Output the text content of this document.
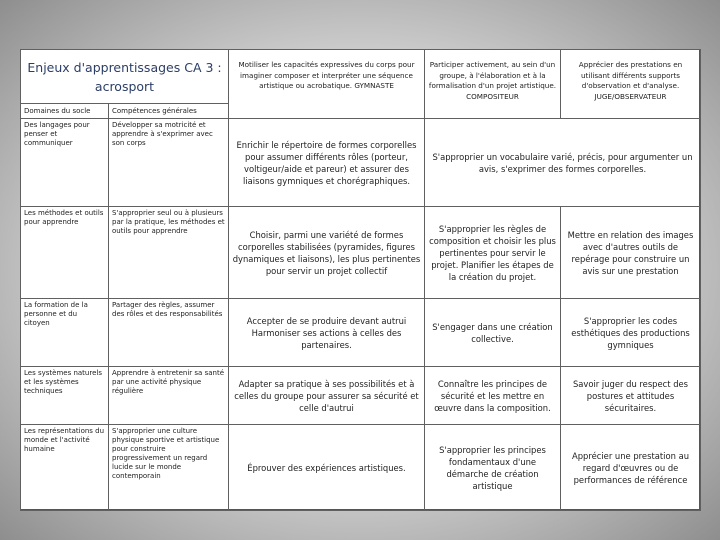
Enjeux d'apprentissages CA 3 : acrosport		Motiliser les capacités expressives du corps pour imaginer composer et interpréter une séquence artistique ou acrobatique. GYMNASTE	Participer activement, au sein d'un groupe, à l'élaboration et à la formalisation d'un projet artistique. COMPOSITEUR	Apprécier des prestations en utilisant différents supports d'observation et d'analyse. JUGE/OBSERVATEUR
Domaines du socle	Compétences générales			
Des langages pour penser et communiquer	Développer sa motricité et apprendre à s'exprimer avec son corps	Enrichir le répertoire de formes corporelles pour assumer différents rôles (porteur, voltigeur/aide et pareur) et assurer des liaisons gymniques et chorégraphiques.	S'approprier un vocabulaire varié, précis, pour argumenter un avis, s'exprimer des formes corporelles.	
Les méthodes et outils pour apprendre	S'approprier seul ou à plusieurs par la pratique, les méthodes et outils pour apprendre	Choisir, parmi une variété de formes corporelles stabilisées (pyramides, figures dynamiques et liaisons), les plus pertinentes pour servir un projet collectif	S'approprier les règles de composition et choisir les plus pertinentes pour servir le projet. Planifier les étapes de la création du projet.	Mettre en relation des images avec d'autres outils de repérage pour construire un avis sur une prestation
La formation de la personne et du citoyen	Partager des règles, assumer des rôles et des responsabilités	Accepter de se produire devant autrui Harmoniser ses actions à celles des partenaires.	S'engager dans une création collective.	S'approprier les codes esthétiques des productions gymniques
Les systèmes naturels et les systèmes techniques	Apprendre à entretenir sa santé par une activité physique régulière	Adapter sa pratique à ses possibilités et à celles du groupe pour assurer sa sécurité et celle d'autrui	Connaître les principes de sécurité et les mettre en œuvre dans la composition.	Savoir juger du respect des postures et attitudes sécuritaires.
Les représentations du monde et l'activité humaine	S'approprier une culture physique sportive et artistique pour construire progressivement un regard lucide sur le monde contemporain	Éprouver des expériences artistiques.	S'approprier les principes fondamentaux d'une démarche de création artistique	Apprécier une prestation au regard d'œuvres ou de performances de référence
